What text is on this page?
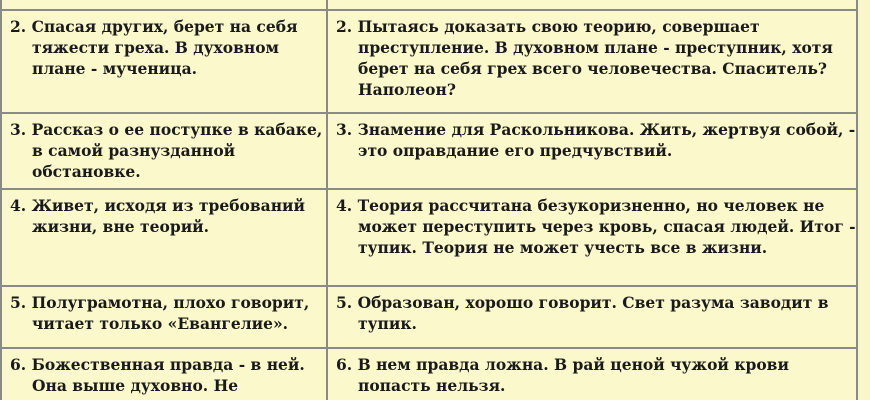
2. Спасая других, берет на себя
тяжести греха. В духовном
плане - мученица.	2. Пытаясь доказать свою теорию, совершает
преступление. В духовном плане - преступник, хотя
берет на себя грех всего человечества. Спаситель?
Наполеон?

3. Рассказ о ее поступке в кабаке,
в самой разнузданной
обстановке.	3. Знамение для Раскольникова. Жить, жертвуя собой, -
это оправдание его предчувствий.

4. Живет, исходя из требований
жизни, вне теорий.	4. Теория рассчитана безукоризненно, но человек не
может переступить через кровь, спасая людей. Итог -
тупик. Теория не может учесть все в жизни.

5. Полуграмотна, плохо говорит,
читает только «Евангелие».	5. Образован, хорошо говорит. Свет разума заводит в
тупик.

6. Божественная правда - в ней.
Она выше духовно. Не	6. В нем правда ложна. В рай ценой чужой крови
попасть нельзя.
